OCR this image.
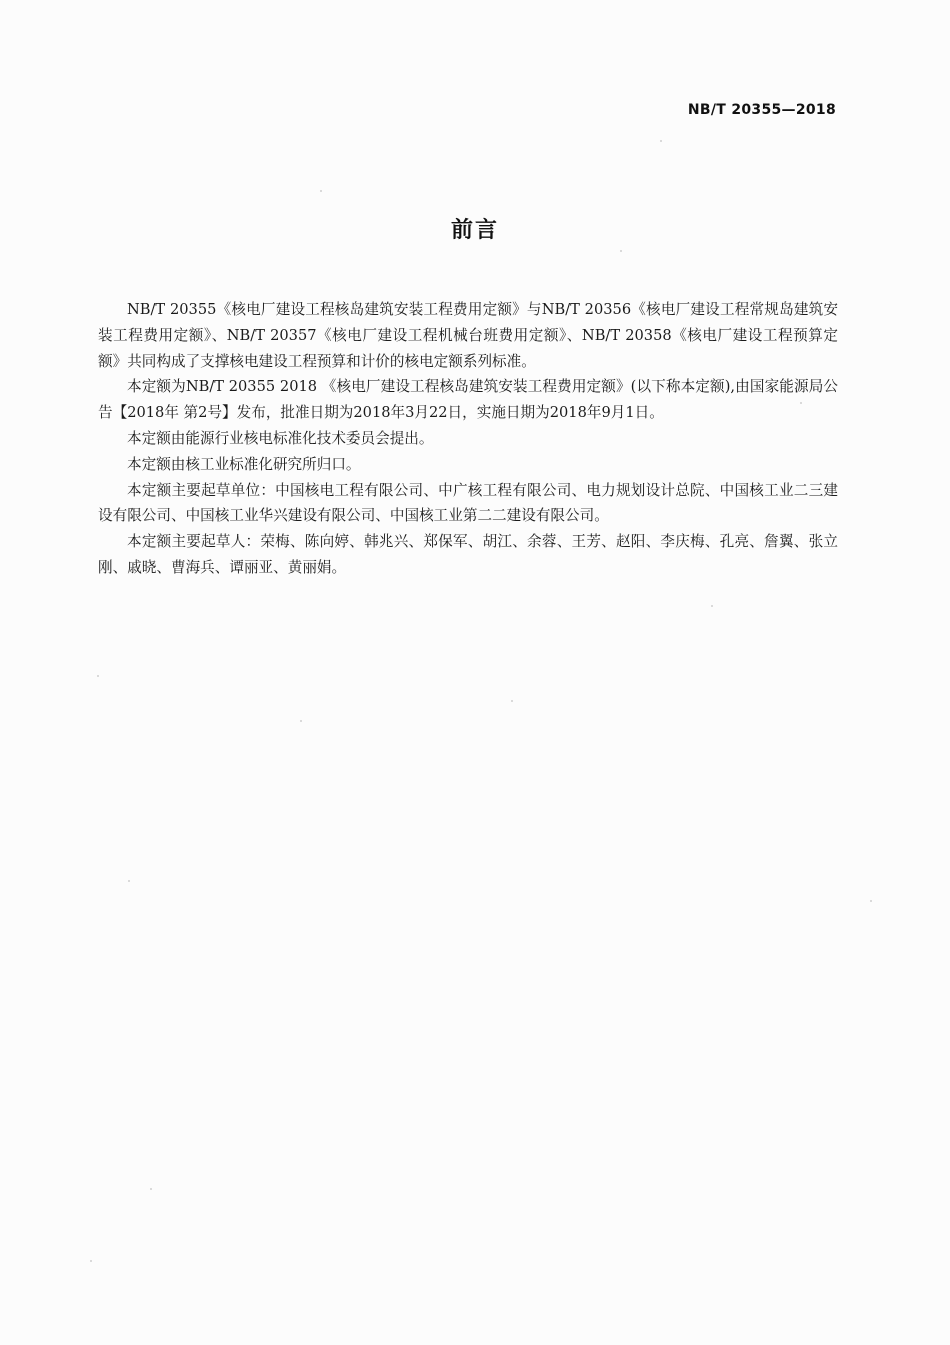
NB/T 20355—2018
前言

NB/T 20355《核电厂建设工程核岛建筑安装工程费用定额》与NB/T 20356《核电厂建设工程常规岛建筑安装工程费用定额》、NB/T 20357《核电厂建设工程机械台班费用定额》、NB/T 20358《核电厂建设工程预算定额》共同构成了支撑核电建设工程预算和计价的核电定额系列标准。

本定额为NB/T 20355 2018 《核电厂建设工程核岛建筑安装工程费用定额》(以下称本定额),由国家能源局公告【2018年 第2号】发布，批准日期为2018年3月22日，实施日期为2018年9月1日。

本定额由能源行业核电标准化技术委员会提出。

本定额由核工业标准化研究所归口。

本定额主要起草单位：中国核电工程有限公司、中广核工程有限公司、电力规划设计总院、中国核工业二三建设有限公司、中国核工业华兴建设有限公司、中国核工业第二二建设有限公司。

本定额主要起草人：荣梅、陈向婷、韩兆兴、郑保军、胡江、余蓉、王芳、赵阳、李庆梅、孔亮、詹翼、张立刚、戚晓、曹海兵、谭丽亚、黄丽娟。
